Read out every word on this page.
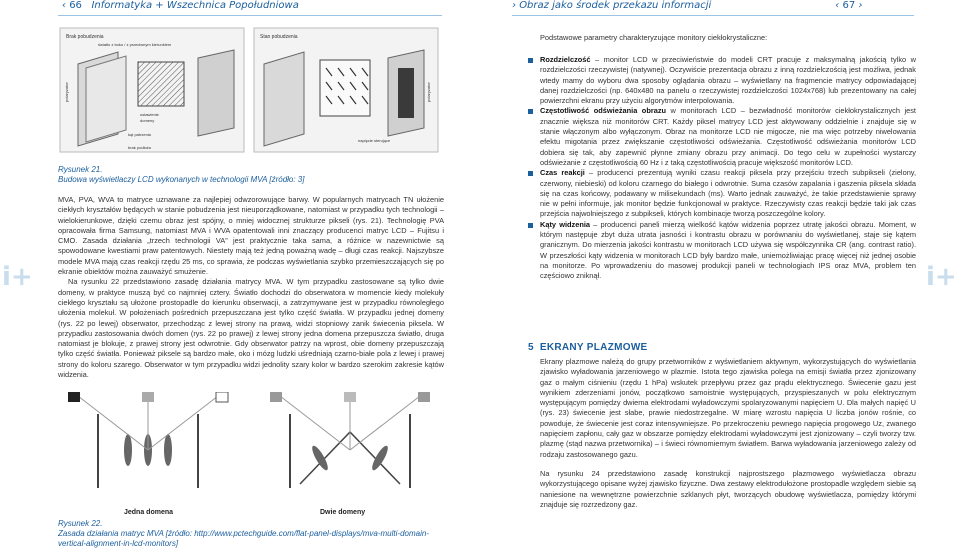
‹ 66 Informatyka + Wszechnica Popołudniowa	› Obraz jako środek przekazu informacji	‹ 67 ›
i+	i+
Brak pobudzenia
światło z boku / z przeciwnym kierunkiem
polaryzator
ustawienie
domeny
kąt patrzenia
brak podłoża
Stan pobudzenia
polaryzator
napięcie sterujące
Rysunek 21.
Budowa wyświetlaczy LCD wykonanych w technologii MVA [źródło: 3]

MVA, PVA, WVA to matryce uznawane za najlepiej odwzorowujące barwy. W popularnych matrycach TN ułożenie ciekłych kryształów będących w stanie pobudzenia jest nieuporządkowane, natomiast w przypadku tych technologii – wielokierunkowe, dzięki czemu obraz jest spójny, o mniej widocznej strukturze pikseli (rys. 21). Technologię PVA opracowała firma Samsung, natomiast MVA i WVA opatentowali inni znaczący producenci matryc LCD – Fujitsu i CMO. Zasada działania „trzech technologii VA” jest praktycznie taka sama, a różnice w nazewnictwie są spowodowane kwestiami praw patentowych. Niestety mają też jedną poważną wadę – długi czas reakcji. Najszybsze modele MVA mają czas reakcji rzędu 25 ms, co sprawia, że podczas wyświetlania szybko przemieszczających się po ekranie obiektów można zauważyć smużenie.

Na rysunku 22 przedstawiono zasadę działania matrycy MVA. W tym przypadku zastosowane są tylko dwie domeny, w praktyce muszą być co najmniej cztery. Światło dochodzi do obserwatora w momencie kiedy molekuły ciekłego kryształu są ułożone prostopadle do kierunku obserwacji, a zatrzymywane jest w przypadku równoległego ułożenia molekuł. W położeniach pośrednich przepuszczana jest tylko część światła. W przypadku jednej domeny (rys. 22 po lewej) obserwator, przechodząc z lewej strony na prawą, widzi stopniowy zanik świecenia piksela. W przypadku zastosowania dwóch domen (rys. 22 po prawej) z lewej strony jedna domena przepuszcza światło, druga natomiast je blokuje, z prawej strony jest odwrotnie. Gdy obserwator patrzy na wprost, obie domeny przepuszczają tylko część światła. Ponieważ piksele są bardzo małe, oko i mózg ludzki uśredniają czarno-białe pola z lewej i prawej strony do koloru szarego. Obserwator w tym przypadku widzi jednolity szary kolor w bardzo szerokim zakresie kątów widzenia.

Jedna domena	Dwie domeny
Rysunek 22.
Zasada działania matryc MVA [źródło: http://www.pctechguide.com/flat-panel-displays/mva-multi-domain-
vertical-alignment-in-lcd-monitors]
Podstawowe parametry charakteryzujące monitory ciekłokrystaliczne:
Rozdzielczość – monitor LCD w przeciwieństwie do modeli CRT pracuje z maksymalną jakością tylko w rozdzielczości rzeczywistej (natywnej). Oczywiście prezentacja obrazu z inną rozdzielczością jest możliwa, jednak wtedy mamy do wyboru dwa sposoby oglądania obrazu – wyświetlany na fragmencie matrycy odpowiadającej danej rozdzielczości (np. 640x480 na panelu o rzeczywistej rozdzielczości 1024x768) lub prezentowany na całej powierzchni ekranu przy użyciu algorytmów interpolowania.
Częstotliwość odświeżania obrazu w monitorach LCD – bezwładność monitorów ciekłokrystalicznych jest znacznie większa niż monitorów CRT. Każdy piksel matrycy LCD jest aktywowany oddzielnie i znajduje się w stanie włączonym albo wyłączonym. Obraz na monitorze LCD nie migocze, nie ma więc potrzeby niwelowania efektu migotania przez zwiększanie częstotliwości odświeżania. Częstotliwość odświeżania monitorów LCD dobiera się tak, aby zapewnić płynne zmiany obrazu przy animacji. Do tego celu w zupełności wystarczy odświeżanie z częstotliwością 60 Hz i z taką częstotliwością pracuje większość monitorów LCD.
Czas reakcji – producenci prezentują wyniki czasu reakcji piksela przy przejściu trzech subpikseli (zielony, czerwony, niebieski) od koloru czarnego do białego i odwrotnie. Suma czasów zapalania i gaszenia piksela składa się na czas końcowy, podawany w milisekundach (ms). Warto jednak zauważyć, że takie przedstawienie sprawy nie w pełni informuje, jak monitor będzie funkcjonował w praktyce. Rzeczywisty czas reakcji będzie taki jak czas przejścia najwolniejszego z subpikseli, których kombinacje tworzą poszczególne kolory.
Kąty widzenia – producenci paneli mierzą wielkość kątów widzenia poprzez utratę jakości obrazu. Moment, w którym następuje zbyt duża utrata jasności i kontrastu obrazu w porównaniu do wyświetlanej, staje się kątem granicznym. Do mierzenia jakości kontrastu w monitorach LCD używa się współczynnika CR (ang. contrast ratio). W przeszłości kąty widzenia w monitorach LCD były bardzo małe, uniemożliwiając pracę więcej niż jednej osobie na monitorze. Po wprowadzeniu do masowej produkcji paneli w technologiach IPS oraz MVA, problem ten częściowo zniknął.
5 EKRANY PLAZMOWE

Ekrany plazmowe należą do grupy przetworników z wyświetlaniem aktywnym, wykorzystujących do wyświetlania zjawisko wyładowania jarzeniowego w plazmie. Istota tego zjawiska polega na emisji światła przez zjonizowany gaz o małym ciśnieniu (rzędu 1 hPa) wskutek przepływu przez gaz prądu elektrycznego. Świecenie gazu jest wynikiem zderzeniami jonów, początkowo samoistnie występujących, przyspieszanych w polu elektrycznym występującym pomiędzy dwiema elektrodami wyładowczymi spolaryzowanymi napięciem U. Dla małych napięć U (rys. 23) świecenie jest słabe, prawie niedostrzegalne. W miarę wzrostu napięcia U liczba jonów rośnie, co powoduje, że świecenie jest coraz intensywniejsze. Po przekroczeniu pewnego napięcia progowego Uz, zwanego napięciem zapłonu, cały gaz w obszarze pomiędzy elektrodami wyładowczymi jest zjonizowany – czyli tworzy tzw. plazmę (stąd nazwa przetwornika) – i świeci równomiernym światłem. Barwa wyładowania jarzeniowego zależy od rodzaju zastosowanego gazu.

Na rysunku 24 przedstawiono zasadę konstrukcji najprostszego plazmowego wyświetlacza obrazu wykorzystującego opisane wyżej zjawisko fizyczne. Dwa zestawy elektrodułożone prostopadle względem siebie są naniesione na wewnętrzne powierzchnie szklanych płyt, tworzących obudowę wyświetlacza, pomiędzy którymi znajduje się rozrzedzony gaz.
